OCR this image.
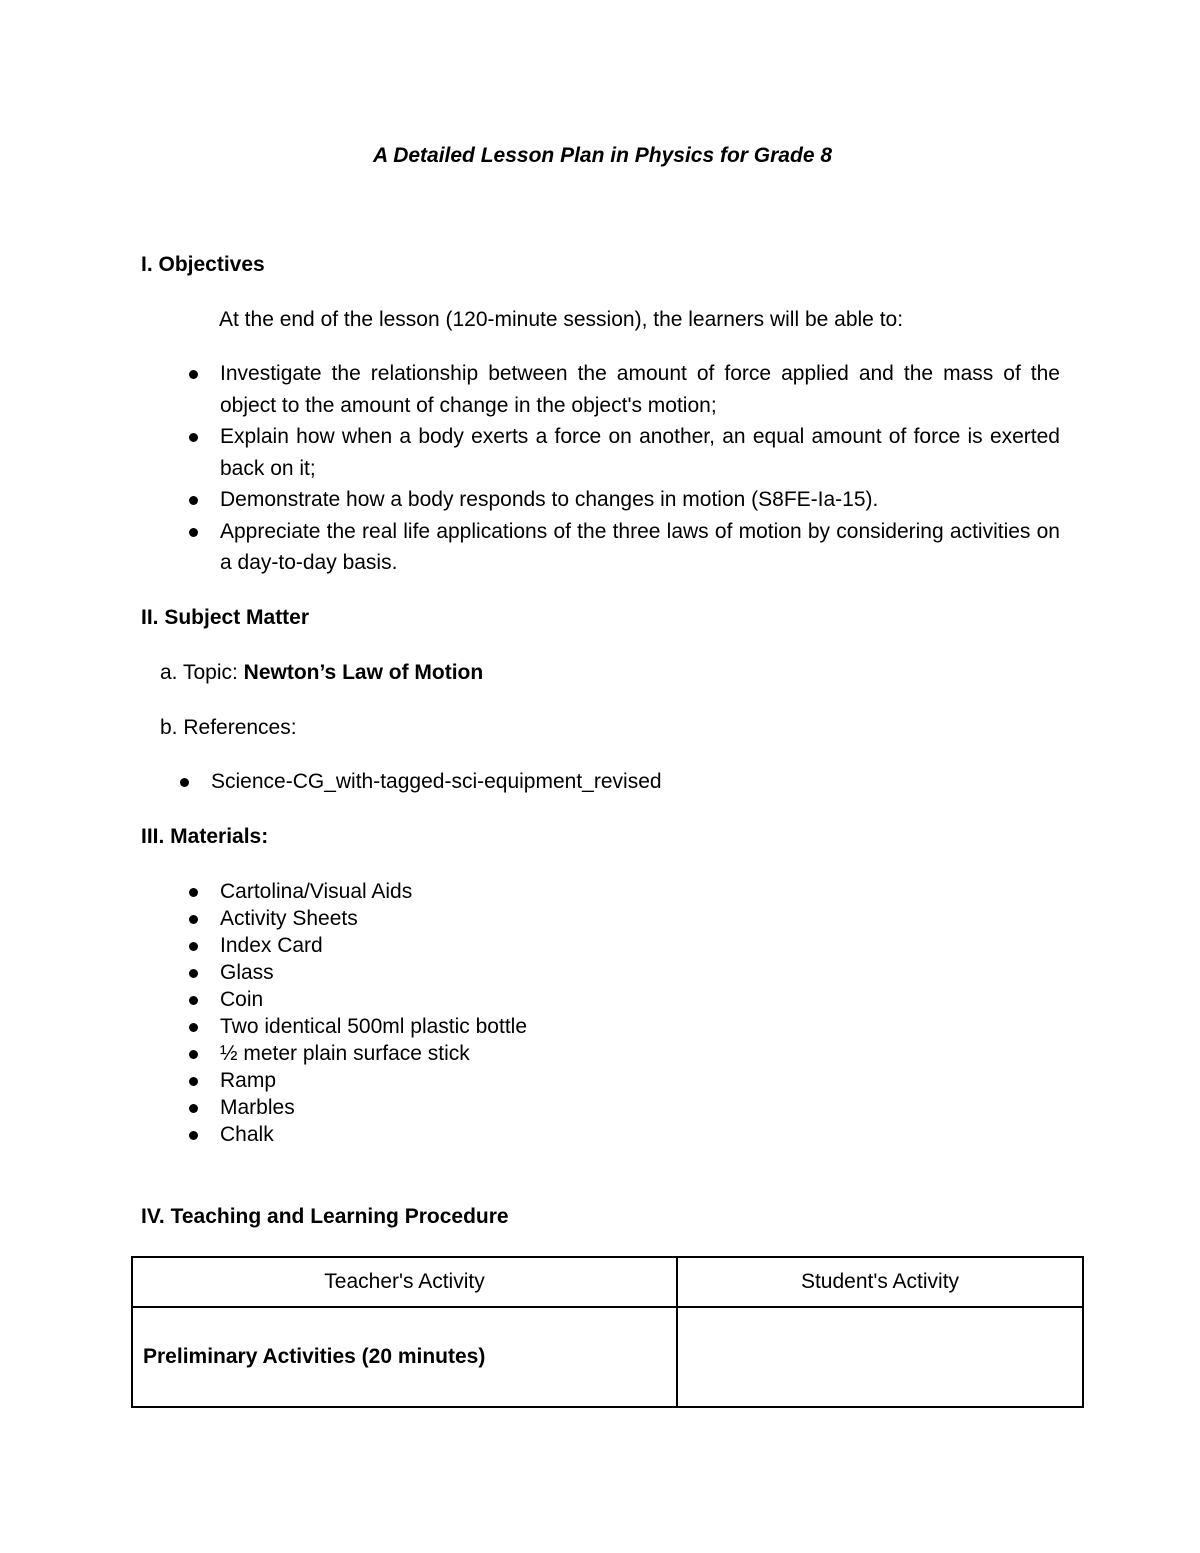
A Detailed Lesson Plan in Physics for Grade 8
I. Objectives
At the end of the lesson (120-minute session), the learners will be able to:
Investigate the relationship between the amount of force applied and the mass of the object to the amount of change in the object's motion;
Explain how when a body exerts a force on another, an equal amount of force is exerted back on it;
Demonstrate how a body responds to changes in motion (S8FE-Ia-15).
Appreciate the real life applications of the three laws of motion by considering activities on a day-to-day basis.
II. Subject Matter
a. Topic: Newton’s Law of Motion
b. References:
Science-CG_with-tagged-sci-equipment_revised
III. Materials:
Cartolina/Visual Aids
Activity Sheets
Index Card
Glass
Coin
Two identical 500ml plastic bottle
½ meter plain surface stick
Ramp
Marbles
Chalk
IV. Teaching and Learning Procedure
Teacher's Activity	Student's Activity
Preliminary Activities (20 minutes)	
